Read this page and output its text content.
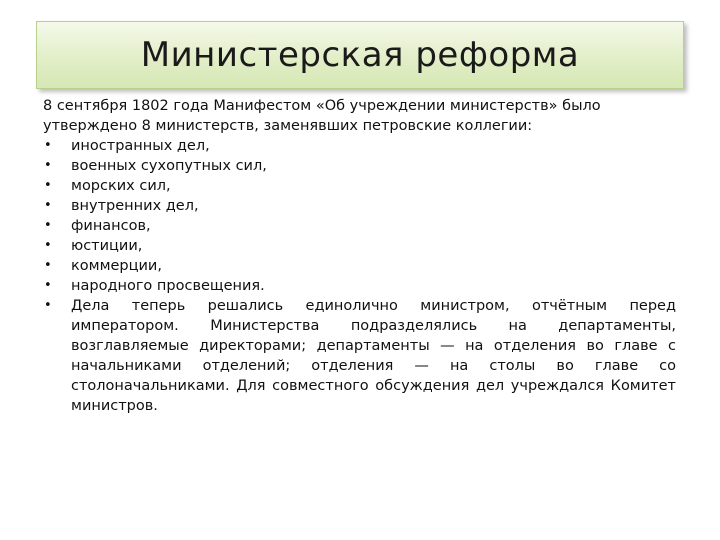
Министерская реформа

8 сентября 1802 года Манифестом «Об учреждении министерств» было утверждено 8 министерств, заменявших петровские коллегии:

•	иностранных дел,
•	военных сухопутных сил,
•	морских сил,
•	внутренних дел,
•	финансов,
•	юстиции,
•	коммерции,
•	народного просвещения.
•	Дела теперь решались единолично министром, отчётным перед императором. Министерства подразделялись на департаменты, возглавляемые директорами; департаменты — на отделения во главе с начальниками отделений; отделения — на столы во главе со столоначальниками. Для совместного обсуждения дел учреждался Комитет министров.
